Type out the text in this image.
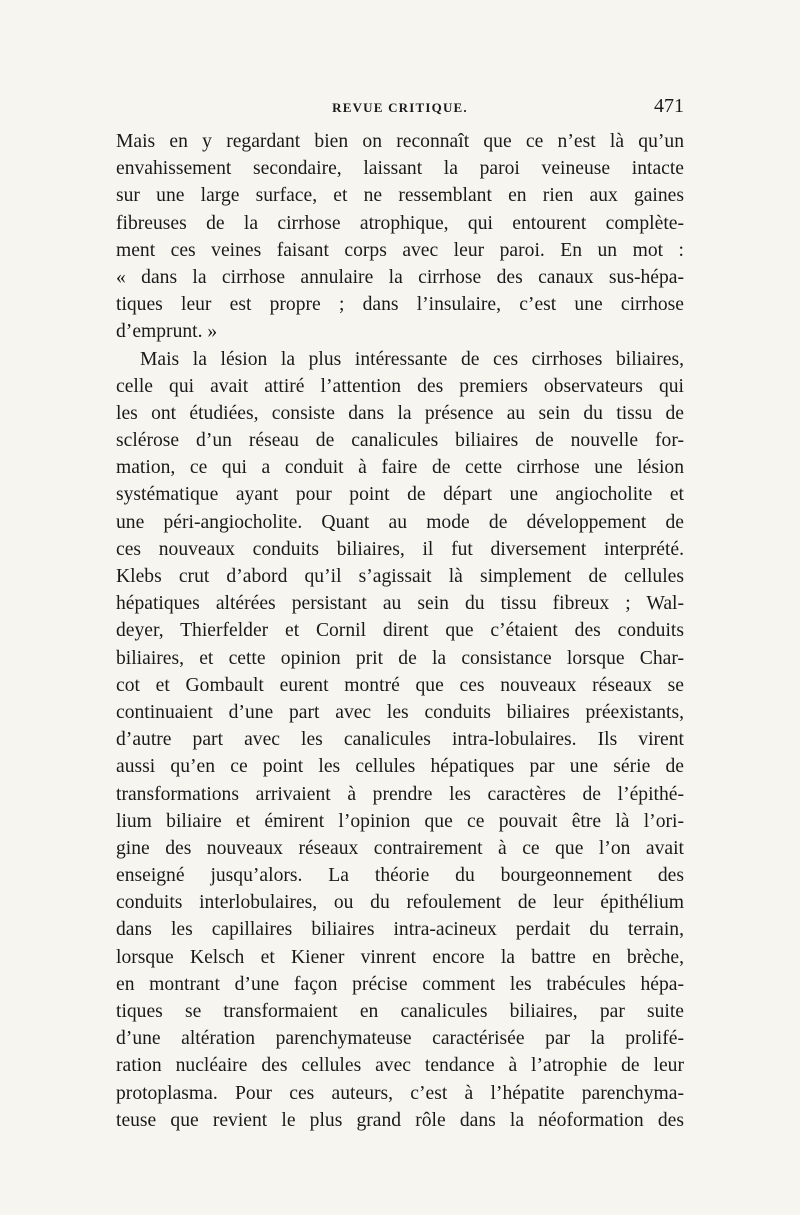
REVUE CRITIQUE.	471
Mais en y regardant bien on reconnaît que ce n’est là qu’un
envahissement secondaire, laissant la paroi veineuse intacte
sur une large surface, et ne ressemblant en rien aux gaines
fibreuses de la cirrhose atrophique, qui entourent complète-
ment ces veines faisant corps avec leur paroi. En un mot :
« dans la cirrhose annulaire la cirrhose des canaux sus-hépa-
tiques leur est propre ; dans l’insulaire, c’est une cirrhose
d’emprunt. »
Mais la lésion la plus intéressante de ces cirrhoses biliaires,
celle qui avait attiré l’attention des premiers observateurs qui
les ont étudiées, consiste dans la présence au sein du tissu de
sclérose d’un réseau de canalicules biliaires de nouvelle for-
mation, ce qui a conduit à faire de cette cirrhose une lésion
systématique ayant pour point de départ une angiocholite et
une péri-angiocholite. Quant au mode de développement de
ces nouveaux conduits biliaires, il fut diversement interprété.
Klebs crut d’abord qu’il s’agissait là simplement de cellules
hépatiques altérées persistant au sein du tissu fibreux ; Wal-
deyer, Thierfelder et Cornil dirent que c’étaient des conduits
biliaires, et cette opinion prit de la consistance lorsque Char-
cot et Gombault eurent montré que ces nouveaux réseaux se
continuaient d’une part avec les conduits biliaires préexistants,
d’autre part avec les canalicules intra-lobulaires. Ils virent
aussi qu’en ce point les cellules hépatiques par une série de
transformations arrivaient à prendre les caractères de l’épithé-
lium biliaire et émirent l’opinion que ce pouvait être là l’ori-
gine des nouveaux réseaux contrairement à ce que l’on avait
enseigné jusqu’alors. La théorie du bourgeonnement des
conduits interlobulaires, ou du refoulement de leur épithélium
dans les capillaires biliaires intra-acineux perdait du terrain,
lorsque Kelsch et Kiener vinrent encore la battre en brèche,
en montrant d’une façon précise comment les trabécules hépa-
tiques se transformaient en canalicules biliaires, par suite
d’une altération parenchymateuse caractérisée par la prolifé-
ration nucléaire des cellules avec tendance à l’atrophie de leur
protoplasma. Pour ces auteurs, c’est à l’hépatite parenchyma-
teuse que revient le plus grand rôle dans la néoformation des
